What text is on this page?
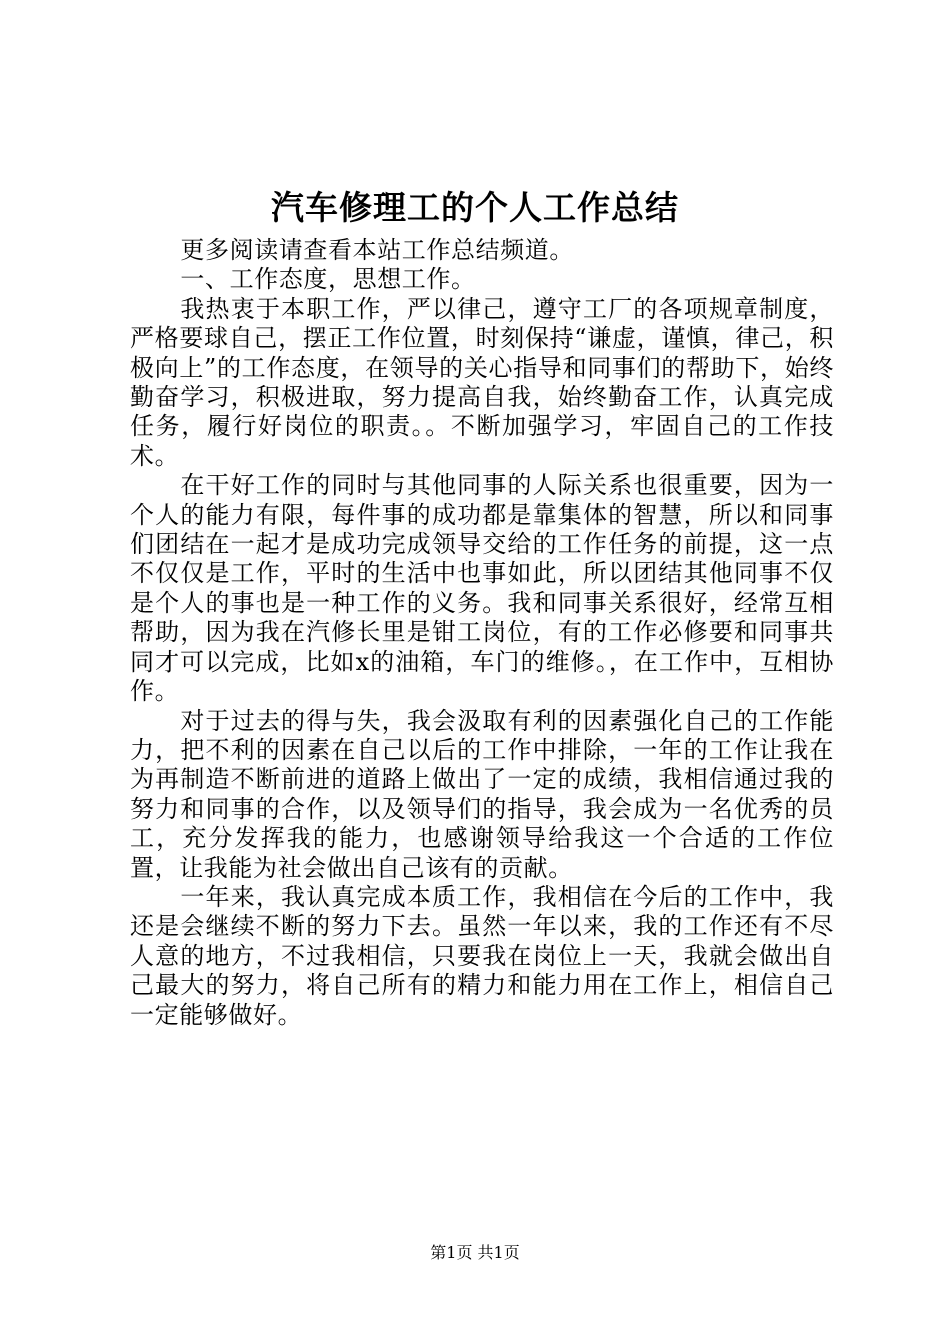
汽车修理工的个人工作总结

更多阅读请查看本站工作总结频道。

一、工作态度，思想工作。

我热衷于本职工作，严以律己，遵守工厂的各项规章制度，严格要球自己，摆正工作位置，时刻保持“谦虚，谨慎，律己，积极向上”的工作态度，在领导的关心指导和同事们的帮助下，始终勤奋学习，积极进取，努力提高自我，始终勤奋工作，认真完成任务，履行好岗位的职责。。不断加强学习，牢固自己的工作技术。

在干好工作的同时与其他同事的人际关系也很重要，因为一个人的能力有限，每件事的成功都是靠集体的智慧，所以和同事们团结在一起才是成功完成领导交给的工作任务的前提，这一点不仅仅是工作，平时的生活中也事如此，所以团结其他同事不仅是个人的事也是一种工作的义务。我和同事关系很好，经常互相帮助，因为我在汽修长里是钳工岗位，有的工作必修要和同事共同才可以完成，比如x的油箱，车门的维修。，在工作中，互相协作。

对于过去的得与失，我会汲取有利的因素强化自己的工作能力，把不利的因素在自己以后的工作中排除，一年的工作让我在为再制造不断前进的道路上做出了一定的成绩，我相信通过我的努力和同事的合作，以及领导们的指导，我会成为一名优秀的员工，充分发挥我的能力，也感谢领导给我这一个合适的工作位置，让我能为社会做出自己该有的贡献。

一年来，我认真完成本质工作，我相信在今后的工作中，我还是会继续不断的努力下去。虽然一年以来，我的工作还有不尽人意的地方，不过我相信，只要我在岗位上一天，我就会做出自己最大的努力，将自己所有的精力和能力用在工作上，相信自己一定能够做好。

第1页 共1页
